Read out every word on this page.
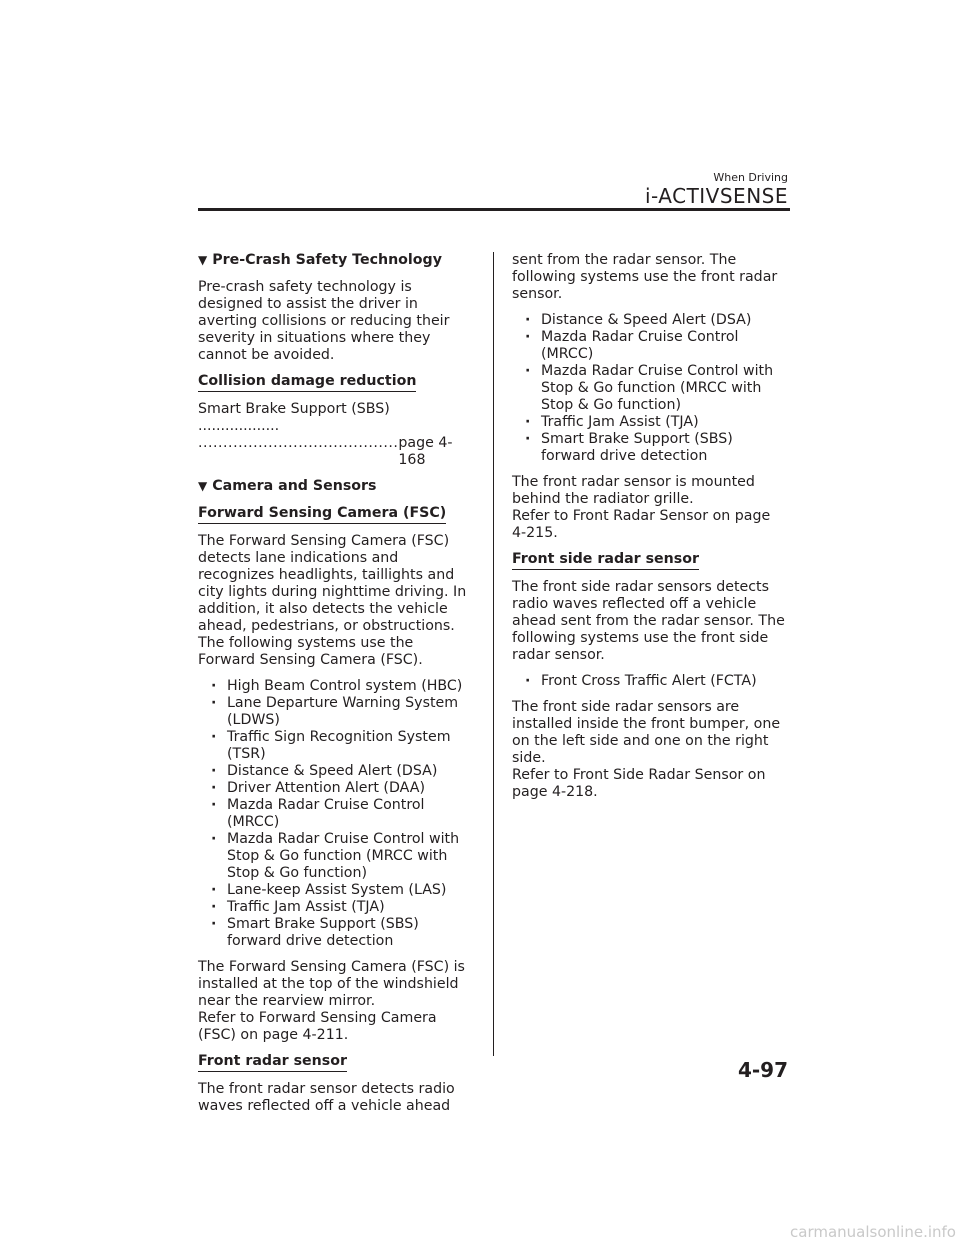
When Driving
i-ACTIVSENSE
▼ Pre-Crash Safety Technology

Pre-crash safety technology is designed to assist the driver in averting collisions or reducing their severity in situations where they cannot be avoided.

Collision damage reduction

Smart Brake Support (SBS) ..................

........................................ page 4-168
▼ Camera and Sensors
Forward Sensing Camera (FSC)

The Forward Sensing Camera (FSC) detects lane indications and recognizes headlights, taillights and city lights during nighttime driving. In addition, it also detects the vehicle ahead, pedestrians, or obstructions. The following systems use the Forward Sensing Camera (FSC).

· High Beam Control system (HBC)
· Lane Departure Warning System (LDWS)
· Traffic Sign Recognition System (TSR)
· Distance & Speed Alert (DSA)
· Driver Attention Alert (DAA)
· Mazda Radar Cruise Control (MRCC)
· Mazda Radar Cruise Control with Stop & Go function (MRCC with Stop & Go function)
· Lane-keep Assist System (LAS)
· Traffic Jam Assist (TJA)
· Smart Brake Support (SBS) forward drive detection

The Forward Sensing Camera (FSC) is installed at the top of the windshield near the rearview mirror.

Refer to Forward Sensing Camera (FSC) on page 4-211.

Front radar sensor

The front radar sensor detects radio waves reflected off a vehicle ahead

sent from the radar sensor. The following systems use the front radar sensor.

· Distance & Speed Alert (DSA)
· Mazda Radar Cruise Control (MRCC)
· Mazda Radar Cruise Control with Stop & Go function (MRCC with Stop & Go function)
· Traffic Jam Assist (TJA)
· Smart Brake Support (SBS) forward drive detection

The front radar sensor is mounted behind the radiator grille.

Refer to Front Radar Sensor on page 4-215.

Front side radar sensor

The front side radar sensors detects radio waves reflected off a vehicle ahead sent from the radar sensor. The following systems use the front side radar sensor.

· Front Cross Traffic Alert (FCTA)

The front side radar sensors are installed inside the front bumper, one on the left side and one on the right side.

Refer to Front Side Radar Sensor on page 4-218.

4-97
carmanualsonline.info
